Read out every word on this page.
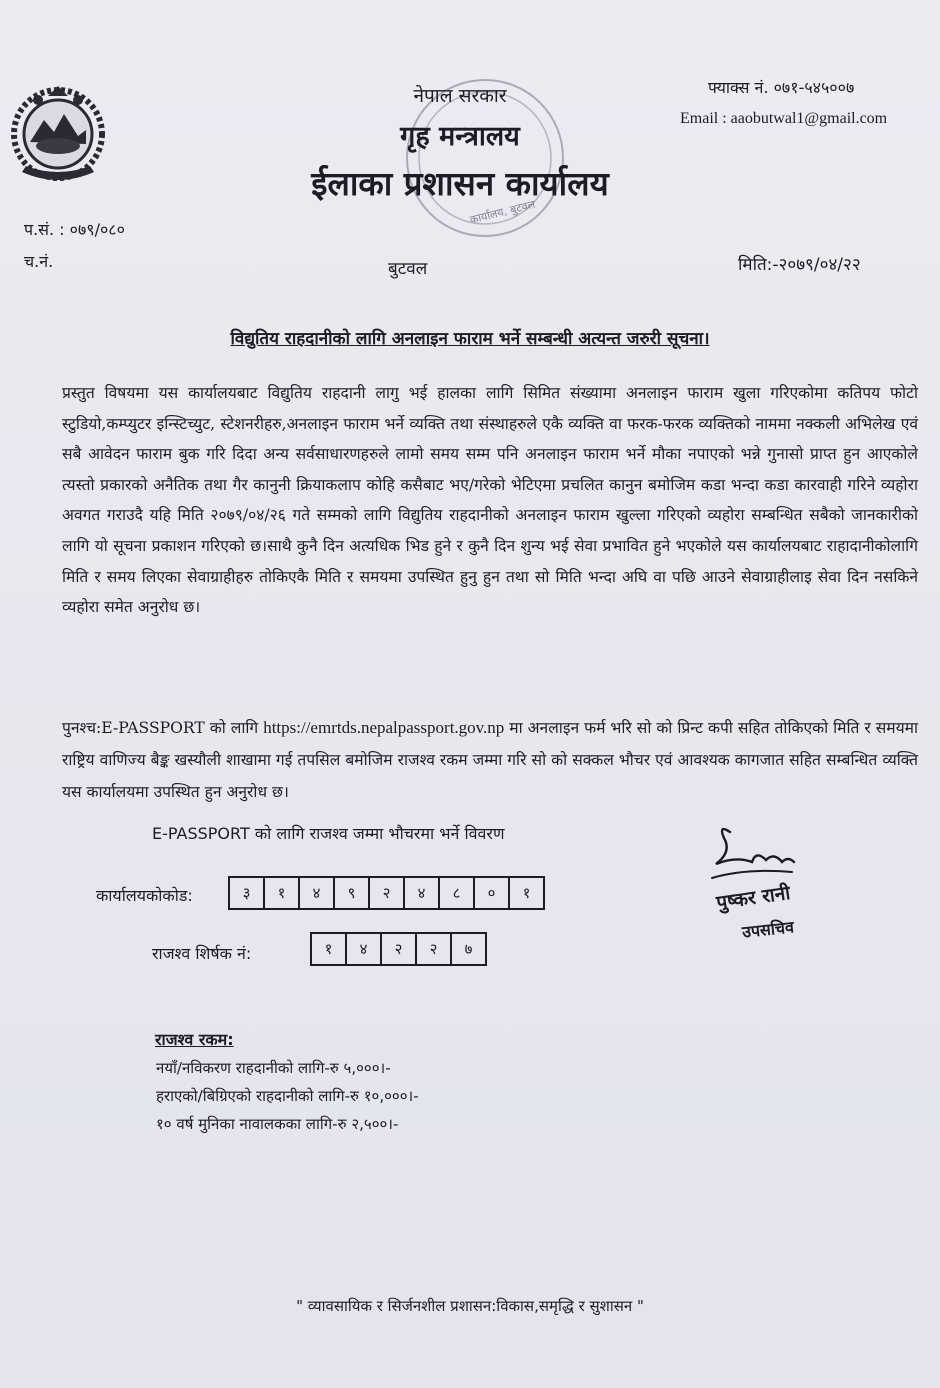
कार्यालय, बुटवल
नेपाल सरकार
गृह मन्त्रालय
ईलाका प्रशासन कार्यालय
फ्याक्स नं. ०७१-५४५००७
Email : aaobutwal1@gmail.com
प.सं. : ०७९/०८०
च.नं.	बुटवल	मिति:-२०७९/०४/२२
विद्युतिय राहदानीको लागि अनलाइन फाराम भर्ने सम्बन्धी अत्यन्त जरुरी सूचना।
प्रस्तुत विषयमा यस कार्यालयबाट विद्युतिय राहदानी लागु भई हालका लागि सिमित संख्यामा अनलाइन फाराम खुला गरिएकोमा कतिपय फोटो स्टुडियो,कम्प्युटर इन्स्टिच्युट, स्टेशनरीहरु,अनलाइन फाराम भर्ने व्यक्ति तथा संस्थाहरुले एकै व्यक्ति वा फरक-फरक व्यक्तिको नाममा नक्कली अभिलेख एवं सबै आवेदन फाराम बुक गरि दिदा अन्य सर्वसाधारणहरुले लामो समय सम्म पनि अनलाइन फाराम भर्ने मौका नपाएको भन्ने गुनासो प्राप्त हुन आएकोले त्यस्तो प्रकारको अनैतिक तथा गैर कानुनी क्रियाकलाप कोहि कसैबाट भए/गरेको भेटिएमा प्रचलित कानुन बमोजिम कडा भन्दा कडा कारवाही गरिने व्यहोरा अवगत गराउदै यहि मिति २०७९/०४/२६ गते सम्मको लागि विद्युतिय राहदानीको अनलाइन फाराम खुल्ला गरिएको व्यहोरा सम्बन्धित सबैको जानकारीको लागि यो सूचना प्रकाशन गरिएको छ।साथै कुनै दिन अत्यधिक भिड हुने र कुनै दिन शुन्य भई सेवा प्रभावित हुने भएकोले यस कार्यालयबाट राहादानीकोलागि मिति र समय लिएका सेवाग्राहीहरु तोकिएकै मिति र समयमा उपस्थित हुनु हुन तथा सो मिति भन्दा अघि वा पछि आउने सेवाग्राहीलाइ सेवा दिन नसकिने व्यहोरा समेत अनुरोध छ।
पुनश्च:E-PASSPORT को लागि https://emrtds.nepalpassport.gov.np मा अनलाइन फर्म भरि सो को प्रिन्ट कपी सहित तोकिएको मिति र समयमा राष्ट्रिय वाणिज्य बैङ्क खस्यौली शाखामा गई तपसिल बमोजिम राजश्व रकम जम्मा गरि सो को सक्कल भौचर एवं आवश्यक कागजात सहित सम्बन्धित व्यक्ति यस कार्यालयमा उपस्थित हुन अनुरोध छ।
E-PASSPORT को लागि राजश्व जम्मा भौचरमा भर्ने विवरण
कार्यालयकोकोड:	३	१	४	९	२	४	८	०	१
राजश्व शिर्षक नं:	१	४	२	२	७
पुष्कर रानी
उपसचिव
राजश्व रकम:
नयाँ/नविकरण राहदानीको लागि-रु ५,०००।-
हराएको/बिग्रिएको राहदानीको लागि-रु १०,०००।-
१० वर्ष मुनिका नावालकका लागि-रु २,५००।-
" व्यावसायिक र सिर्जनशील प्रशासन:विकास,समृद्धि र सुशासन "
